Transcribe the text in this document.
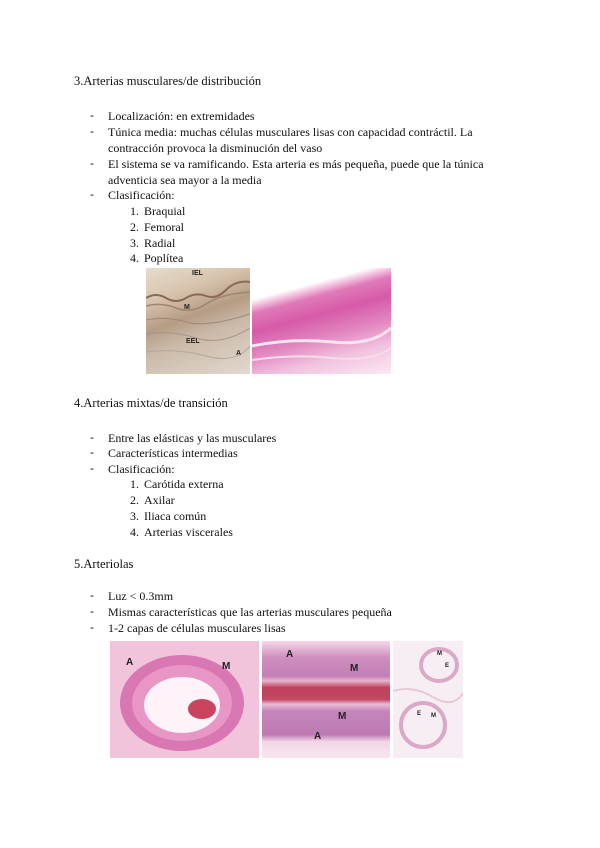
3.Arterias musculares/de distribución
- Localización: en extremidades
- Túnica media: muchas células musculares lisas con capacidad contráctil. La contracción provoca la disminución del vaso
- El sistema se va ramificando. Esta arteria es más pequeña, puede que la túnica adventicia sea mayor a la media
- Clasificación:
1. Braquial
2. Femoral
3. Radial
4. Poplítea
IEL
M
EEL
A
4.Arterias mixtas/de transición
- Entre las elásticas y las musculares
- Características intermedias
- Clasificación:
1. Carótida externa
2. Axilar
3. Iliaca común
4. Arterias viscerales
5.Arteriolas
- Luz < 0.3mm
- Mismas características que las arterias musculares pequeña
- 1-2 capas de células musculares lisas
A	M
A
M
M
A
M
E
E M
